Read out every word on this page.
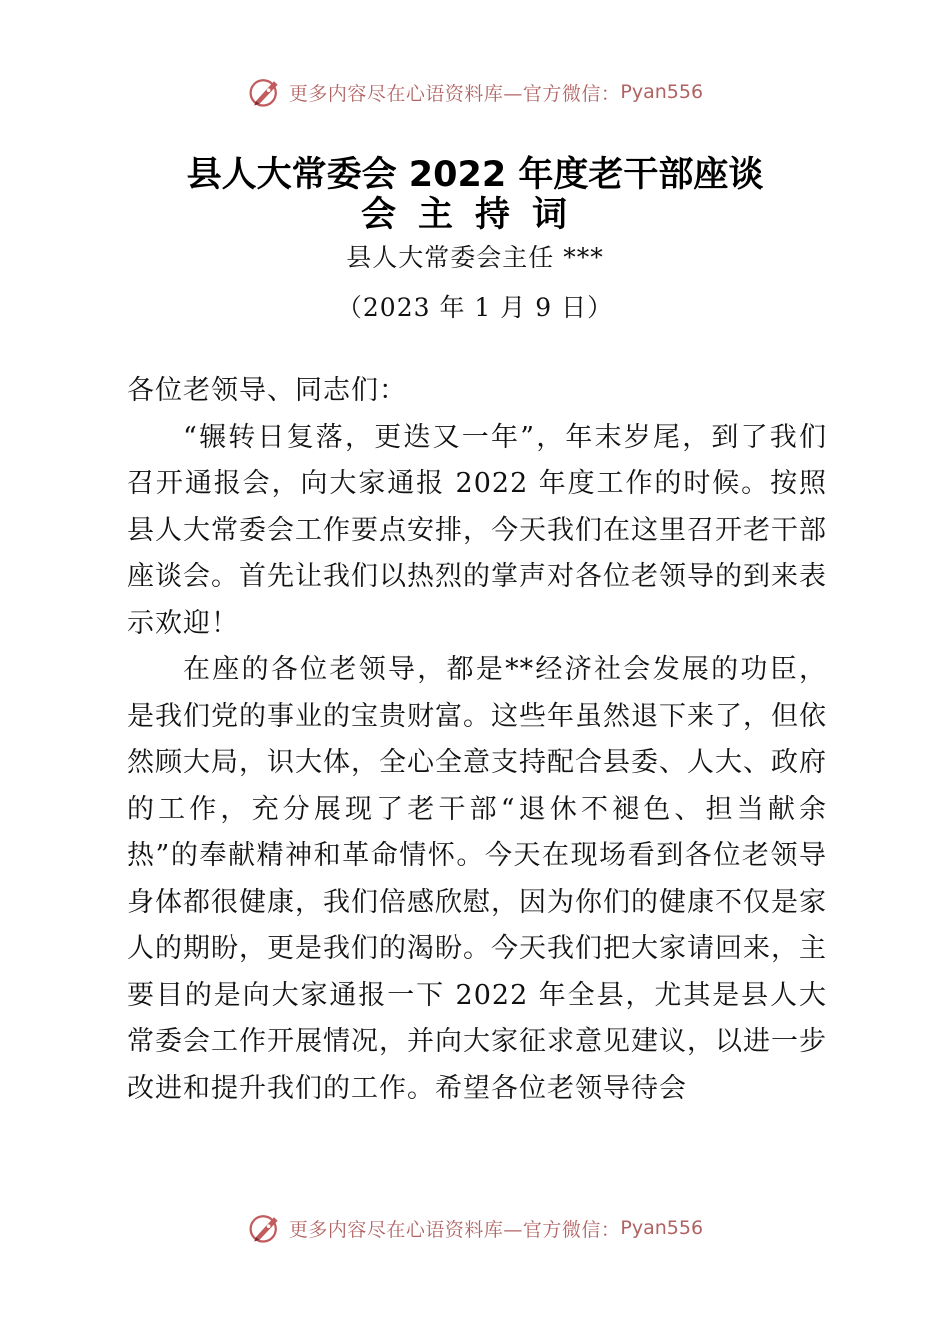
更多内容尽在心语资料库—官方微信： Pyan556
县人大常委会 2022 年度老干部座谈
会主持词
县人大常委会主任 ***
（2023 年 1 月 9 日）

各位老领导、同志们：

“辗转日复落，更迭又一年”，年末岁尾，到了我们召开通报会，向大家通报 2022 年度工作的时候。按照县人大常委会工作要点安排，今天我们在这里召开老干部座谈会。首先让我们以热烈的掌声对各位老领导的到来表示欢迎！

在座的各位老领导，都是**经济社会发展的功臣，是我们党的事业的宝贵财富。这些年虽然退下来了，但依然顾大局，识大体，全心全意支持配合县委、人大、政府的工作，充分展现了老干部“退休不褪色、担当献余热”的奉献精神和革命情怀。今天在现场看到各位老领导身体都很健康，我们倍感欣慰，因为你们的健康不仅是家人的期盼，更是我们的渴盼。今天我们把大家请回来，主要目的是向大家通报一下 2022 年全县，尤其是县人大常委会工作开展情况，并向大家征求意见建议，以进一步改进和提升我们的工作。希望各位老领导待会

更多内容尽在心语资料库—官方微信： Pyan556
